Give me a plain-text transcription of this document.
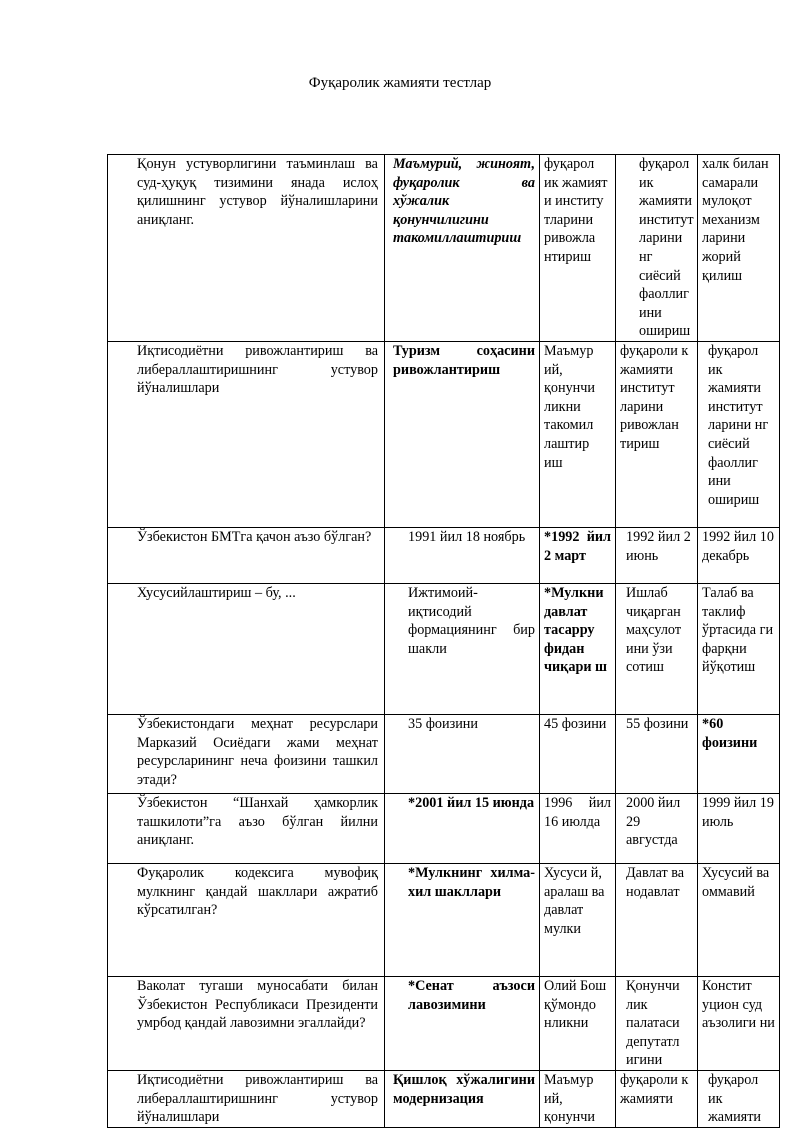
Фуқаролик жамияти тестлар
Қонун устуворлигини таъминлаш ва суд-ҳуқуқ тизимини янада ислоҳ қилишнинг устувор йўналишларини аниқланг.	Маъмурий, жиноят, фуқаролик ва хўжалик қонунчилигини такомиллаштириш	фуқарол ик жамият и институ тларини ривожла нтириш	фуқарол ик жамияти институт ларини нг сиёсий фаоллиг ини ошириш	халк билан самарали мулоқот механизм ларини жорий қилиш
Иқтисодиётни ривожлантириш ва либераллаштиришнинг устувор йўналишлари	Туризм соҳасини ривожлантириш	Маъмур ий, қонунчи ликни такомил лаштир иш	фуқароли к жамияти институт ларини ривожлан тириш	фуқарол ик жамияти институт ларини нг сиёсий фаоллиг ини ошириш
Ўзбекистон БМТга қачон аъзо бўлган?	1991 йил 18 ноябрь	*1992 йил 2 март	1992 йил 2 июнь	1992 йил 10 декабрь
Хусусийлаштириш – бу, ...	Ижтимоий-иқтисодий формациянинг бир шакли	*Мулкни давлат тасарру фидан чиқари ш	Ишлаб чиқарган маҳсулот ини ўзи сотиш	Талаб ва таклиф ўртасида ги фарқни йўқотиш
Ўзбекистондаги меҳнат ресурслари Марказий Осиёдаги жами меҳнат ресурсларининг неча фоизини ташкил этади?	35 фоизини	45 фозини	55 фозини	*60 фоизини
Ўзбекистон “Шанхай ҳамкорлик ташкилоти”га аъзо бўлган йилни аниқланг.	*2001 йил 15 июнда	1996 йил 16 июлда	2000 йил 29 августда	1999 йил 19 июль
Фуқаролик кодексига мувофиқ мулкнинг қандай шакллари ажратиб кўрсатилган?	*Мулкнинг хилма-хил шакллари	Хусуси й, аралаш ва давлат мулки	Давлат ва нодавлат	Хусусий ва оммавий
Ваколат тугаши муносабати билан Ўзбекистон Республикаси Президенти умрбод қандай лавозимни эгаллайди?	*Сенат аъзоси лавозимини	Олий Бош қўмондо нликни	Қонунчи лик палатаси депутатл игини	Констит уцион суд аъзолиги ни
Иқтисодиётни ривожлантириш ва либераллаштиришнинг устувор йўналишлари	Қишлоқ хўжалигини модернизация	Маъмур ий, қонунчи	фуқароли к жамияти	фуқарол ик жамияти
